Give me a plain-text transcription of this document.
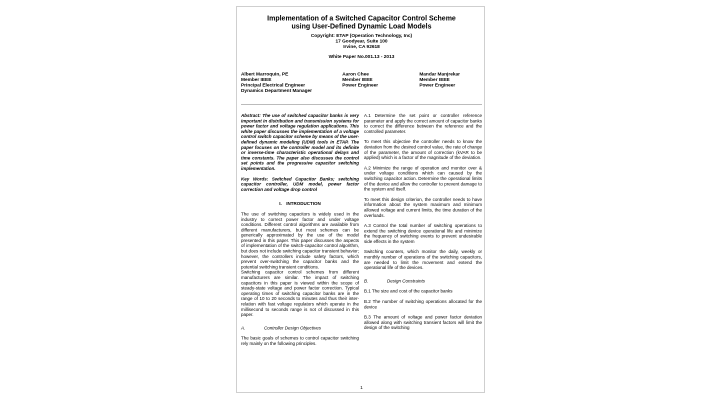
Implementation of a Switched Capacitor Control Scheme
using User-Defined Dynamic Load Models
Copyright: ETAP (Operation Technology, Inc)
17 Goodyear, Suite 100
Irvine, CA 92618
White Paper No.001.13 - 2013
Albert Marroquin, PE
Member IEEE
Principal Electrical Engineer
Dynamics Department Manager
Aaron Chee
Member IEEE
Power Engineer
Mandar Manjrekar
Member IEEE
Power Engineer

Abstract: The use of switched capacitor banks is very important in distribution and transmission systems for power factor and voltage regulation applications. This white paper discusses the implementation of a voltage control switch capacitor scheme by means of the user-defined dynamic modeling (UDM) tools in ETAP. The paper focuses on the controller model and its definite or inverse-time characteristic operational delays and time constants. The paper also discusses the control set points and the progressive capacitor switching implementation.

Key Words: Switched Capacitor Banks; switching capacitor controller, UDM model, power factor correction and voltage drop control

I. INTRODUCTION

The use of switching capacitors is widely used in the industry to correct power factor and under voltage conditions. Different control algorithms are available from different manufacturers, but most schemes can be generically approximated by the use of the model presented in this paper. This paper discusses the aspects of implementation of the switch-capacitor control algorithm, but does not include switching capacitor transient behavior; however, the controllers include safety factors, which prevent over-switching the capacitor banks and the potential switching transient conditions.

Switching capacitor control schemes from different manufacturers are similar. The impact of switching capacitors in this paper is viewed within the scope of steady-state voltage and power factor correction. Typical operating times of switching capacitor banks are in the range of 10 to 20 seconds to minutes and thus their inter-relation with fast voltage regulators which operate in the millisecond to seconds range is not of discussed in this paper.

A.	Controller Design Objectives

The basic goals of schemes to control capacitor switching rely mainly on the following principles.

A.1 Determine the set point or controller reference parameter and apply the correct amount of capacitor banks to correct the difference between the reference and the controlled parameter.

To meet this objective the controller needs to know the deviation from the desired control value, the rate of change of the parameter, the amount of correction (kVAR to be applied) which is a factor of the magnitude of the deviation.

A.2 Minimize the range of operation and monitor over & under voltage conditions which can caused by the switching capacitor action. Determine the operational limits of the device and allow the controller to prevent damage to the system and itself.

To meet this design criterion, the controller needs to have information about the system maximum and minimum allowed voltage and current limits, the time duration of the overloads.

A.3 Control the total number of switching operations to extend the switching device operational life and minimize the frequency of switching events to prevent undesirable side effects in the system

Switching counters, which monitor the daily, weekly or monthly number of operations of the switching capacitors, are needed to limit the movement and extend the operational life of the devices.

B.	Design Constraints

B.1 The size and cost of the capacitor banks

B.2 The number of switching operations allocated for the device

B.3 The amount of voltage and power factor deviation allowed along with switching transient factors will limit the design of the switching

1
